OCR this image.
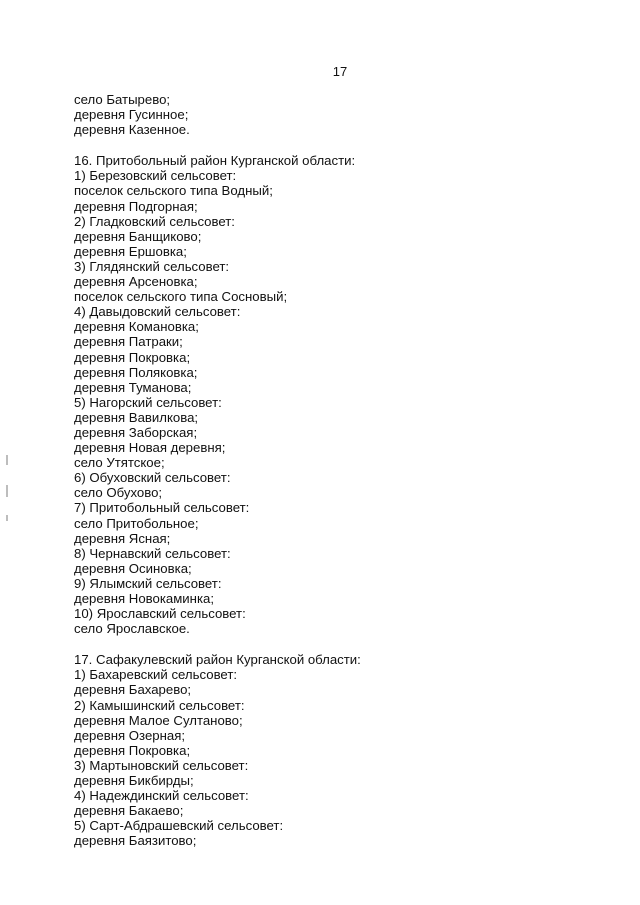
17
село Батырево;
деревня Гусинное;
деревня Казенное.
16. Притобольный район Курганской области:
1) Березовский сельсовет:
поселок сельского типа Водный;
деревня Подгорная;
2) Гладковский сельсовет:
деревня Банщиково;
деревня Ершовка;
3) Глядянский сельсовет:
деревня Арсеновка;
поселок сельского типа Сосновый;
4) Давыдовский сельсовет:
деревня Комановка;
деревня Патраки;
деревня Покровка;
деревня Поляковка;
деревня Туманова;
5) Нагорский сельсовет:
деревня Вавилкова;
деревня Заборская;
деревня Новая деревня;
село Утятское;
6) Обуховский сельсовет:
село Обухово;
7) Притобольный сельсовет:
село Притобольное;
деревня Ясная;
8) Чернавский сельсовет:
деревня Осиновка;
9) Ялымский сельсовет:
деревня Новокаминка;
10) Ярославский сельсовет:
село Ярославское.
17. Сафакулевский район Курганской области:
1) Бахаревский сельсовет:
деревня Бахарево;
2) Камышинский сельсовет:
деревня Малое Султаново;
деревня Озерная;
деревня Покровка;
3) Мартыновский сельсовет:
деревня Бикбирды;
4) Надеждинский сельсовет:
деревня Бакаево;
5) Сарт-Абдрашевский сельсовет:
деревня Баязитово;
